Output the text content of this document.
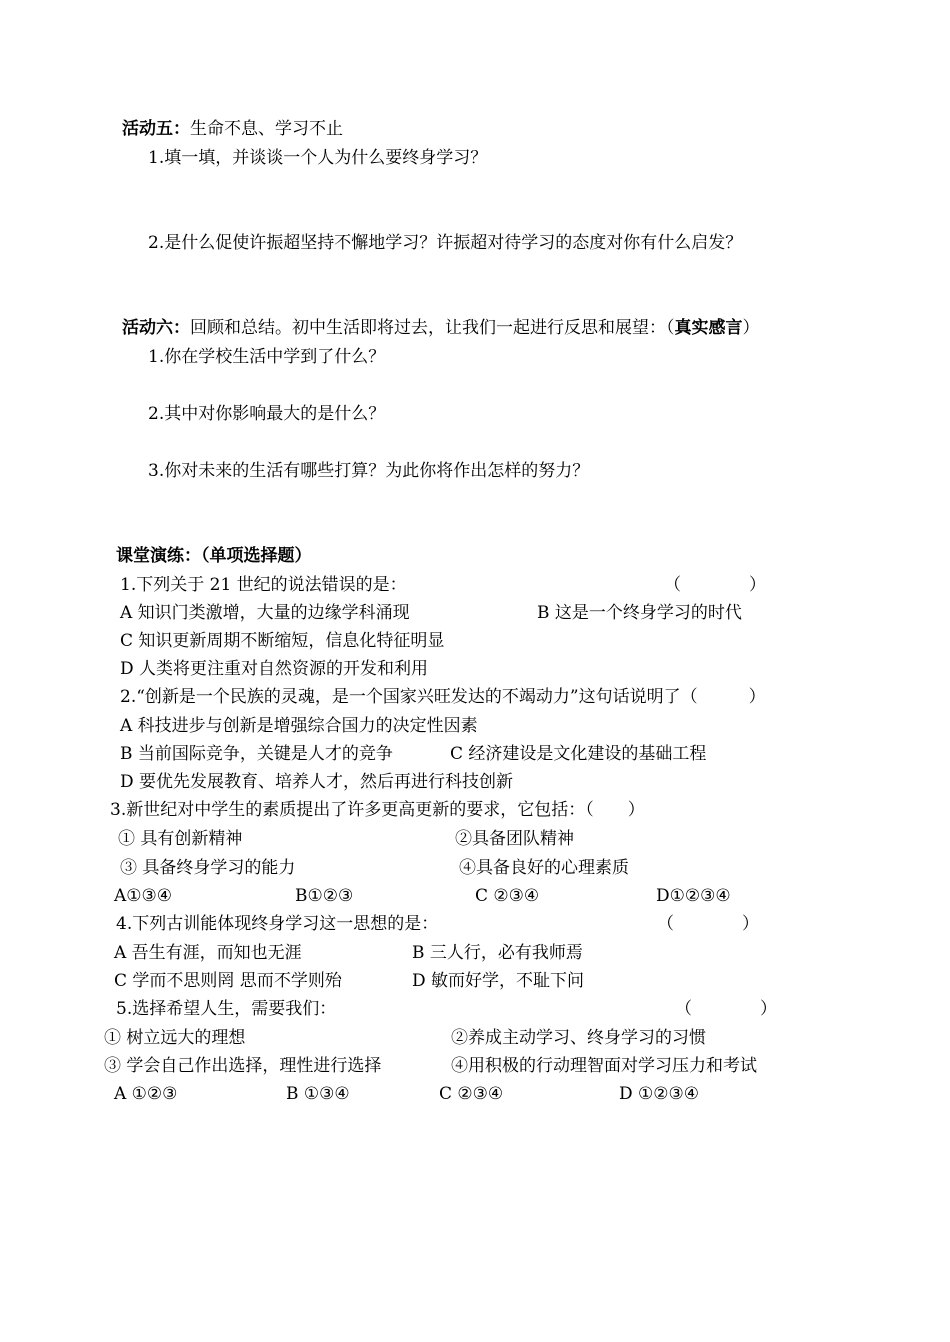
活动五：生命不息、学习不止
1.填一填，并谈谈一个人为什么要终身学习？
2.是什么促使许振超坚持不懈地学习？许振超对待学习的态度对你有什么启发？
活动六：回顾和总结。初中生活即将过去，让我们一起进行反思和展望：（真实感言）
1.你在学校生活中学到了什么？
2.其中对你影响最大的是什么？
3.你对未来的生活有哪些打算？为此你将作出怎样的努力？
课堂演练：（单项选择题）
1.下列关于 21 世纪的说法错误的是：	（　　　　）
A 知识门类激增，大量的边缘学科涌现	B 这是一个终身学习的时代
C 知识更新周期不断缩短，信息化特征明显
D 人类将更注重对自然资源的开发和利用
2.“创新是一个民族的灵魂，是一个国家兴旺发达的不竭动力”这句话说明了（　　　）
A 科技进步与创新是增强综合国力的决定性因素
B 当前国际竞争，关键是人才的竞争	C 经济建设是文化建设的基础工程
D 要优先发展教育、培养人才，然后再进行科技创新
3.新世纪对中学生的素质提出了许多更高更新的要求，它包括：（　　）
① 具有创新精神	②具备团队精神
③ 具备终身学习的能力	④具备良好的心理素质
A①③④	B①②③	C ②③④	D①②③④
4.下列古训能体现终身学习这一思想的是：	（　　　　）
A 吾生有涯，而知也无涯	B 三人行，必有我师焉
C 学而不思则罔 思而不学则殆	D 敏而好学，不耻下问
5.选择希望人生，需要我们：	（　　　　）
① 树立远大的理想	②养成主动学习、终身学习的习惯
③ 学会自己作出选择，理性进行选择	④用积极的行动理智面对学习压力和考试
A ①②③	B ①③④	C ②③④	D ①②③④
